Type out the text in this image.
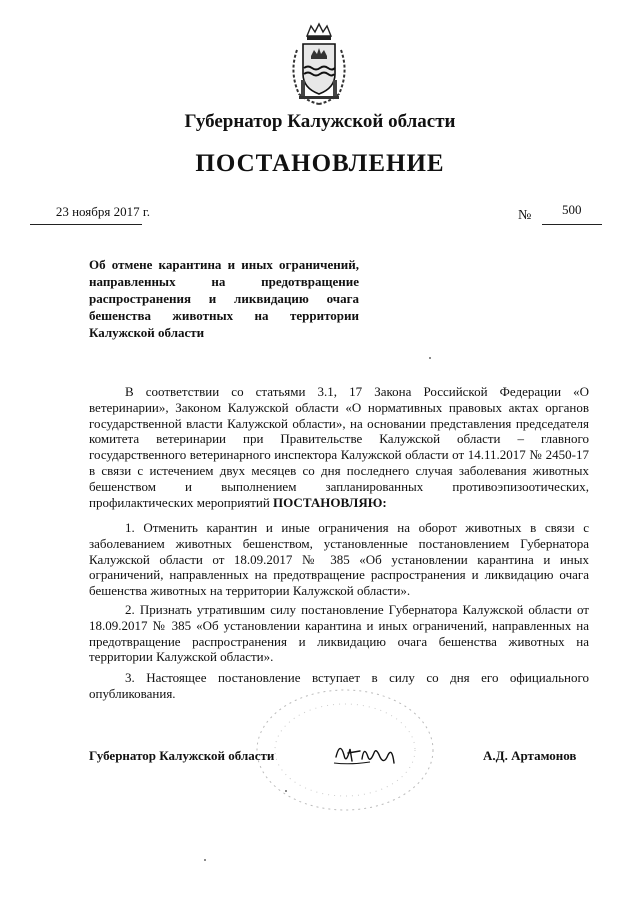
Губернатор Калужской области
ПОСТАНОВЛЕНИЕ
23 ноября 2017 г.	№ 500
Об отмене карантина и иных ограничений, направленных на предотвращение распространения и ликвидацию очага бешенства животных на территории Калужской области

В соответствии со статьями 3.1, 17 Закона Российской Федерации «О ветеринарии», Законом Калужской области «О нормативных правовых актах органов государственной власти Калужской области», на основании представления председателя комитета ветеринарии при Правительстве Калужской области – главного государственного ветеринарного инспектора Калужской области от 14.11.2017 № 2450-17 в связи с истечением двух месяцев со дня последнего случая заболевания животных бешенством и выполнением запланированных противоэпизоотических, профилактических мероприятий ПОСТАНОВЛЯЮ:

1. Отменить карантин и иные ограничения на оборот животных в связи с заболеванием животных бешенством, установленные постановлением Губернатора Калужской области от 18.09.2017 № 385 «Об установлении карантина и иных ограничений, направленных на предотвращение распространения и ликвидацию очага бешенства животных на территории Калужской области».

2. Признать утратившим силу постановление Губернатора Калужской области от 18.09.2017 № 385 «Об установлении карантина и иных ограничений, направленных на предотвращение распространения и ликвидацию очага бешенства животных на территории Калужской области».

3. Настоящее постановление вступает в силу со дня его официального опубликования.

Губернатор Калужской области	А.Д. Артамонов
